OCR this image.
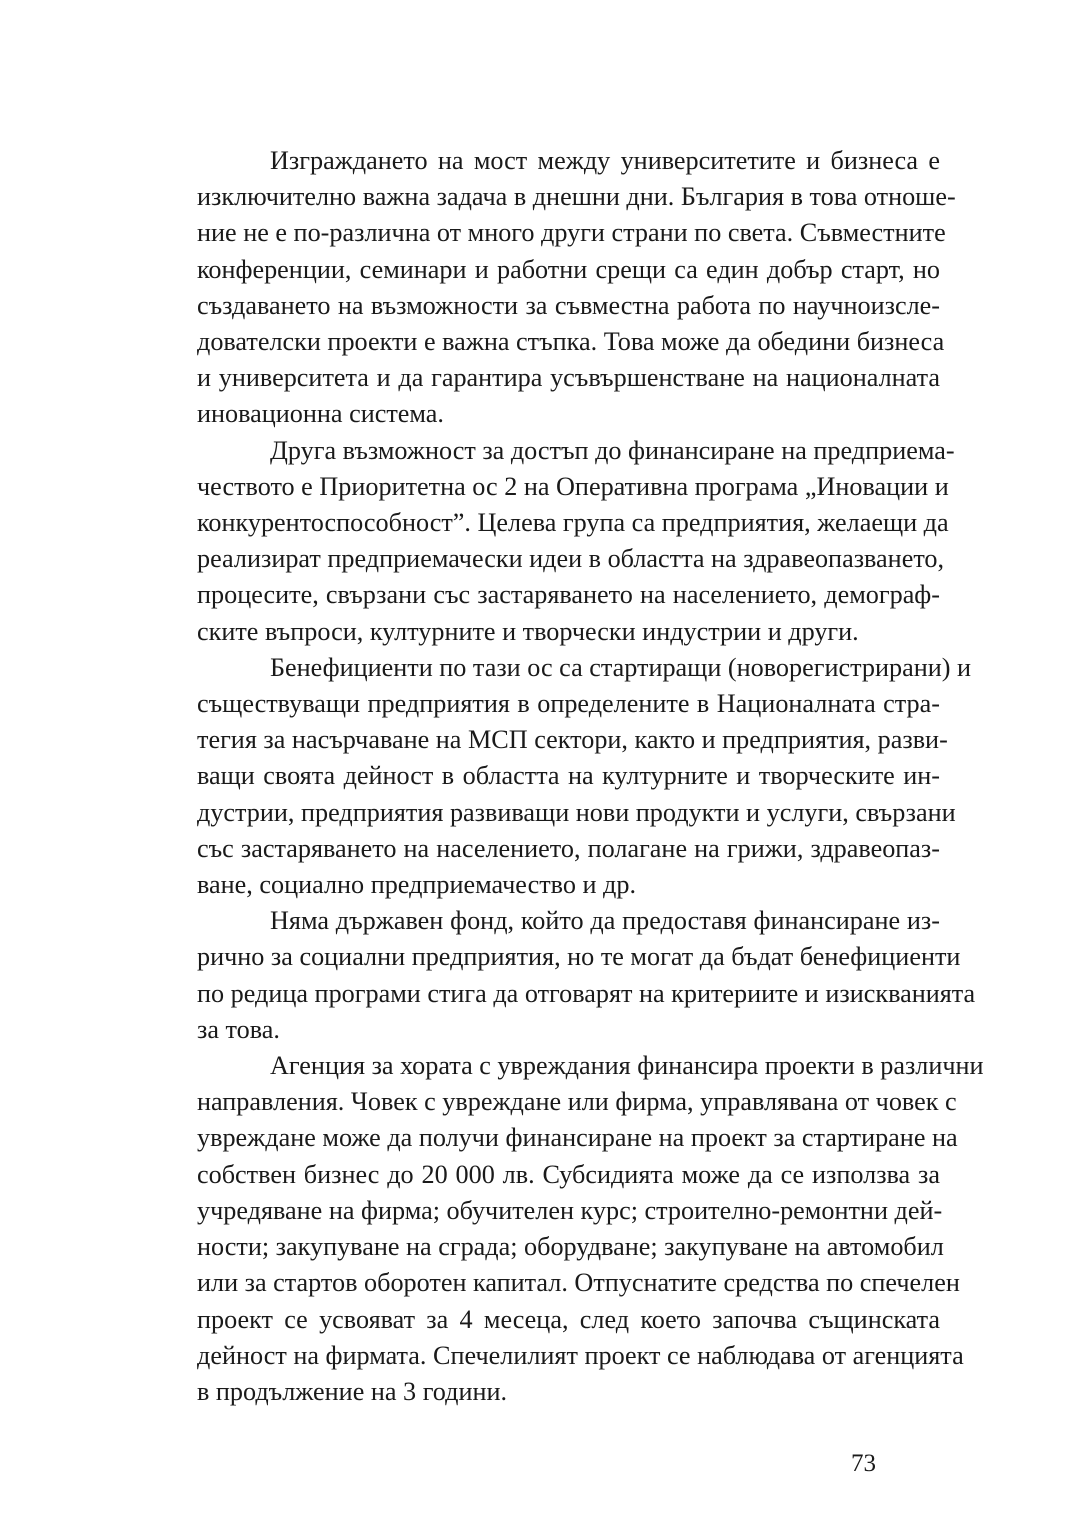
Изграждането на мост между университетите и бизнеса е
изключително важна задача в днешни дни. България в това отноше-
ние не е по-различна от много други страни по света. Съвместните
конференции, семинари и работни срещи са един добър старт, но
създаването на възможности за съвместна работа по научноизсле-
дователски проекти е важна стъпка. Това може да обедини бизнеса
и университета и да гарантира усъвършенстване на националната
иновационна система.

Друга възможност за достъп до финансиране на предприема-
чеството е Приоритетна ос 2 на Оперативна програма „Иновации и
конкурентоспособност”. Целева група са предприятия, желаещи да
реализират предприемачески идеи в областта на здравеопазването,
процесите, свързани със застаряването на населението, демограф-
ските въпроси, културните и творчески индустрии и други.

Бенефициенти по тази ос са стартиращи (новорегистрирани) и
съществуващи предприятия в определените в Националната стра-
тегия за насърчаване на МСП сектори, както и предприятия, разви-
ващи своята дейност в областта на културните и творческите ин-
дустрии, предприятия развиващи нови продукти и услуги, свързани
със застаряването на населението, полагане на грижи, здравеопаз-
ване, социално предприемачество и др.

Няма държавен фонд, който да предоставя финансиране из-
рично за социални предприятия, но те могат да бъдат бенефициенти
по редица програми стига да отговарят на критериите и изискванията
за това.

Агенция за хората с увреждания финансира проекти в различни
направления. Човек с увреждане или фирма, управлявана от човек с
увреждане може да получи финансиране на проект за стартиране на
собствен бизнес до 20 000 лв. Субсидията може да се използва за
учредяване на фирма; обучителен курс; строително-ремонтни дей-
ности; закупуване на сграда; оборудване; закупуване на автомобил
или за стартов оборотен капитал. Отпуснатите средства по спечелен
проект се усвояват за 4 месеца, след което започва същинската
дейност на фирмата. Спечелилият проект се наблюдава от агенцията
в продължение на 3 години.

73
